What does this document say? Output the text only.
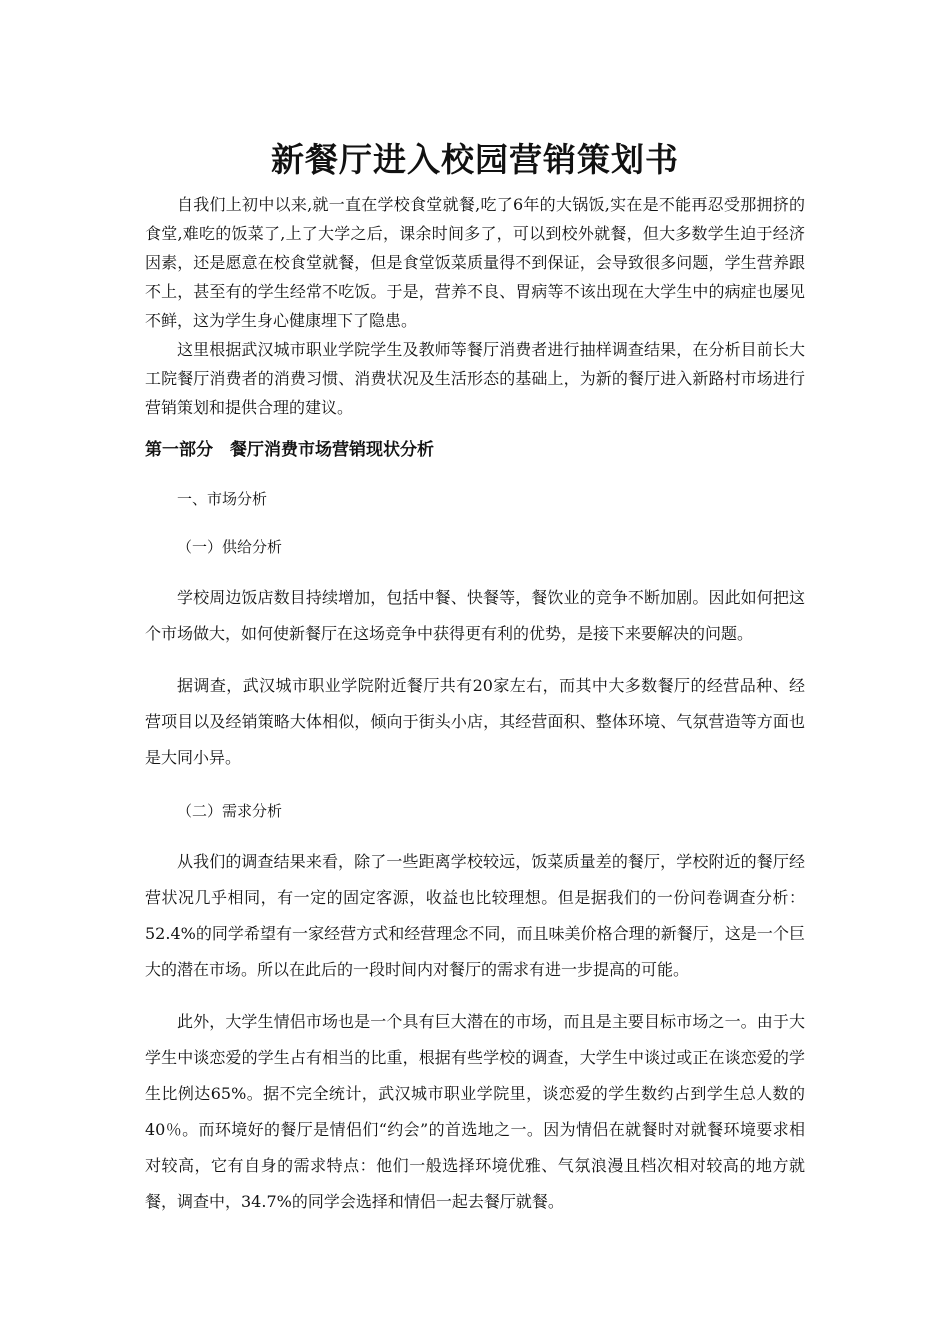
新餐厅进入校园营销策划书

自我们上初中以来,就一直在学校食堂就餐,吃了6年的大锅饭,实在是不能再忍受那拥挤的食堂,难吃的饭菜了,上了大学之后，课余时间多了，可以到校外就餐，但大多数学生迫于经济因素，还是愿意在校食堂就餐，但是食堂饭菜质量得不到保证，会导致很多问题，学生营养跟不上，甚至有的学生经常不吃饭。于是，营养不良、胃病等不该出现在大学生中的病症也屡见不鲜，这为学生身心健康埋下了隐患。

这里根据武汉城市职业学院学生及教师等餐厅消费者进行抽样调查结果，在分析目前长大工院餐厅消费者的消费习惯、消费状况及生活形态的基础上，为新的餐厅进入新路村市场进行营销策划和提供合理的建议。

第一部分　餐厅消费市场营销现状分析
一、市场分析
（一）供给分析

学校周边饭店数目持续增加，包括中餐、快餐等，餐饮业的竞争不断加剧。因此如何把这个市场做大，如何使新餐厅在这场竞争中获得更有利的优势，是接下来要解决的问题。

据调查，武汉城市职业学院附近餐厅共有20家左右，而其中大多数餐厅的经营品种、经营项目以及经销策略大体相似，倾向于街头小店，其经营面积、整体环境、气氛营造等方面也是大同小异。

（二）需求分析

从我们的调查结果来看，除了一些距离学校较远，饭菜质量差的餐厅，学校附近的餐厅经营状况几乎相同，有一定的固定客源，收益也比较理想。但是据我们的一份问卷调查分析：52.4%的同学希望有一家经营方式和经营理念不同，而且味美价格合理的新餐厅，这是一个巨大的潜在市场。所以在此后的一段时间内对餐厅的需求有进一步提高的可能。

此外，大学生情侣市场也是一个具有巨大潜在的市场，而且是主要目标市场之一。由于大学生中谈恋爱的学生占有相当的比重，根据有些学校的调查，大学生中谈过或正在谈恋爱的学生比例达65%。据不完全统计，武汉城市职业学院里，谈恋爱的学生数约占到学生总人数的40％。而环境好的餐厅是情侣们“约会”的首选地之一。因为情侣在就餐时对就餐环境要求相对较高，它有自身的需求特点：他们一般选择环境优雅、气氛浪漫且档次相对较高的地方就餐，调查中，34.7%的同学会选择和情侣一起去餐厅就餐。
